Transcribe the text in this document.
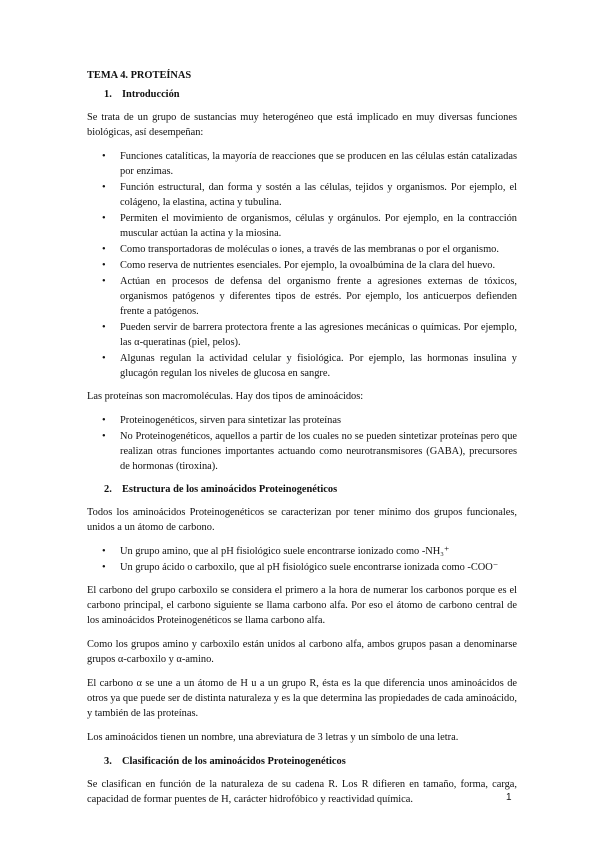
TEMA 4. PROTEÍNAS
1. Introducción

Se trata de un grupo de sustancias muy heterogéneo que está implicado en muy diversas funciones biológicas, así desempeñan:

• Funciones catalíticas, la mayoría de reacciones que se producen en las células están catalizadas por enzimas.
• Función estructural, dan forma y sostén a las células, tejidos y organismos. Por ejemplo, el colágeno, la elastina, actina y tubulina.
• Permiten el movimiento de organismos, células y orgánulos. Por ejemplo, en la contracción muscular actúan la actina y la miosina.
• Como transportadoras de moléculas o iones, a través de las membranas o por el organismo.
• Como reserva de nutrientes esenciales. Por ejemplo, la ovoalbúmina de la clara del huevo.
• Actúan en procesos de defensa del organismo frente a agresiones externas de tóxicos, organismos patógenos y diferentes tipos de estrés. Por ejemplo, los anticuerpos defienden frente a patógenos.
• Pueden servir de barrera protectora frente a las agresiones mecánicas o químicas. Por ejemplo, las α-queratinas (piel, pelos).
• Algunas regulan la actividad celular y fisiológica. Por ejemplo, las hormonas insulina y glucagón regulan los niveles de glucosa en sangre.

Las proteínas son macromoléculas. Hay dos tipos de aminoácidos:

• Proteinogenéticos, sirven para sintetizar las proteínas
• No Proteinogenéticos, aquellos a partir de los cuales no se pueden sintetizar proteínas pero que realizan otras funciones importantes actuando como neurotransmisores (GABA), precursores de hormonas (tiroxina).
2. Estructura de los aminoácidos Proteinogenéticos

Todos los aminoácidos Proteinogenéticos se caracterizan por tener mínimo dos grupos funcionales, unidos a un átomo de carbono.

• Un grupo amino, que al pH fisiológico suele encontrarse ionizado como -NH₃⁺
• Un grupo ácido o carboxilo, que al pH fisiológico suele encontrarse ionizada como -COO⁻

El carbono del grupo carboxilo se considera el primero a la hora de numerar los carbonos porque es el carbono principal, el carbono siguiente se llama carbono alfa. Por eso el átomo de carbono central de los aminoácidos Proteinogenéticos se llama carbono alfa.

Como los grupos amino y carboxilo están unidos al carbono alfa, ambos grupos pasan a denominarse grupos α-carboxilo y α-amino.

El carbono α se une a un átomo de H u a un grupo R, ésta es la que diferencia unos aminoácidos de otros ya que puede ser de distinta naturaleza y es la que determina las propiedades de cada aminoácido, y también de las proteínas.

Los aminoácidos tienen un nombre, una abreviatura de 3 letras y un símbolo de una letra.

3. Clasificación de los aminoácidos Proteinogenéticos

Se clasifican en función de la naturaleza de su cadena R. Los R difieren en tamaño, forma, carga, capacidad de formar puentes de H, carácter hidrofóbico y reactividad química.	1
